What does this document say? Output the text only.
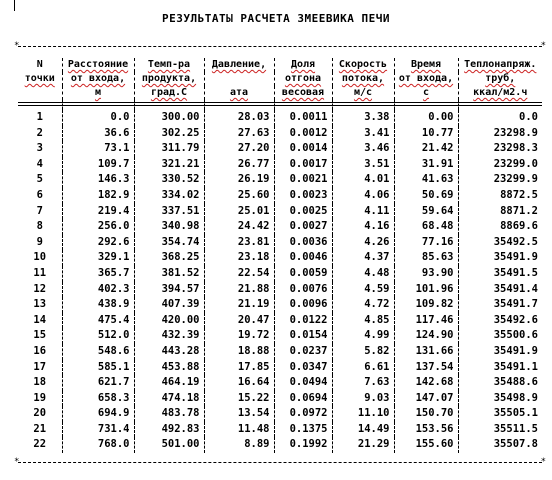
РЕЗУЛЬТАТЫ РАСЧЕТА ЗМЕЕВИКА ПЕЧИ
*	*
*	*
N	Расстояние	Темп-ра	Давление,	Доля	Скорость	Время	Теплонапряж.
точки	от входа,	продукта,		отгона	потока,	от входа,	труб,
	м	град.С	ата	весовая	м/с	с	ккал/м2.ч

1	0.0	300.00	28.03	0.0011	3.38	0.00	0.0
2	36.6	302.25	27.63	0.0012	3.41	10.77	23298.9
3	73.1	311.79	27.20	0.0014	3.46	21.42	23298.3
4	109.7	321.21	26.77	0.0017	3.51	31.91	23299.0
5	146.3	330.52	26.19	0.0021	4.01	41.63	23299.9
6	182.9	334.02	25.60	0.0023	4.06	50.69	8872.5
7	219.4	337.51	25.01	0.0025	4.11	59.64	8871.2
8	256.0	340.98	24.42	0.0027	4.16	68.48	8869.6
9	292.6	354.74	23.81	0.0036	4.26	77.16	35492.5
10	329.1	368.25	23.18	0.0046	4.37	85.63	35491.9
11	365.7	381.52	22.54	0.0059	4.48	93.90	35491.5
12	402.3	394.57	21.88	0.0076	4.59	101.96	35491.4
13	438.9	407.39	21.19	0.0096	4.72	109.82	35491.7
14	475.4	420.00	20.47	0.0122	4.85	117.46	35492.6
15	512.0	432.39	19.72	0.0154	4.99	124.90	35500.6
16	548.6	443.28	18.88	0.0237	5.82	131.66	35491.9
17	585.1	453.88	17.85	0.0347	6.61	137.54	35491.1
18	621.7	464.19	16.64	0.0494	7.63	142.68	35488.6
19	658.3	474.18	15.22	0.0694	9.03	147.07	35498.9
20	694.9	483.78	13.54	0.0972	11.10	150.70	35505.1
21	731.4	492.83	11.48	0.1375	14.49	153.56	35511.5
22	768.0	501.00	8.89	0.1992	21.29	155.60	35507.8
